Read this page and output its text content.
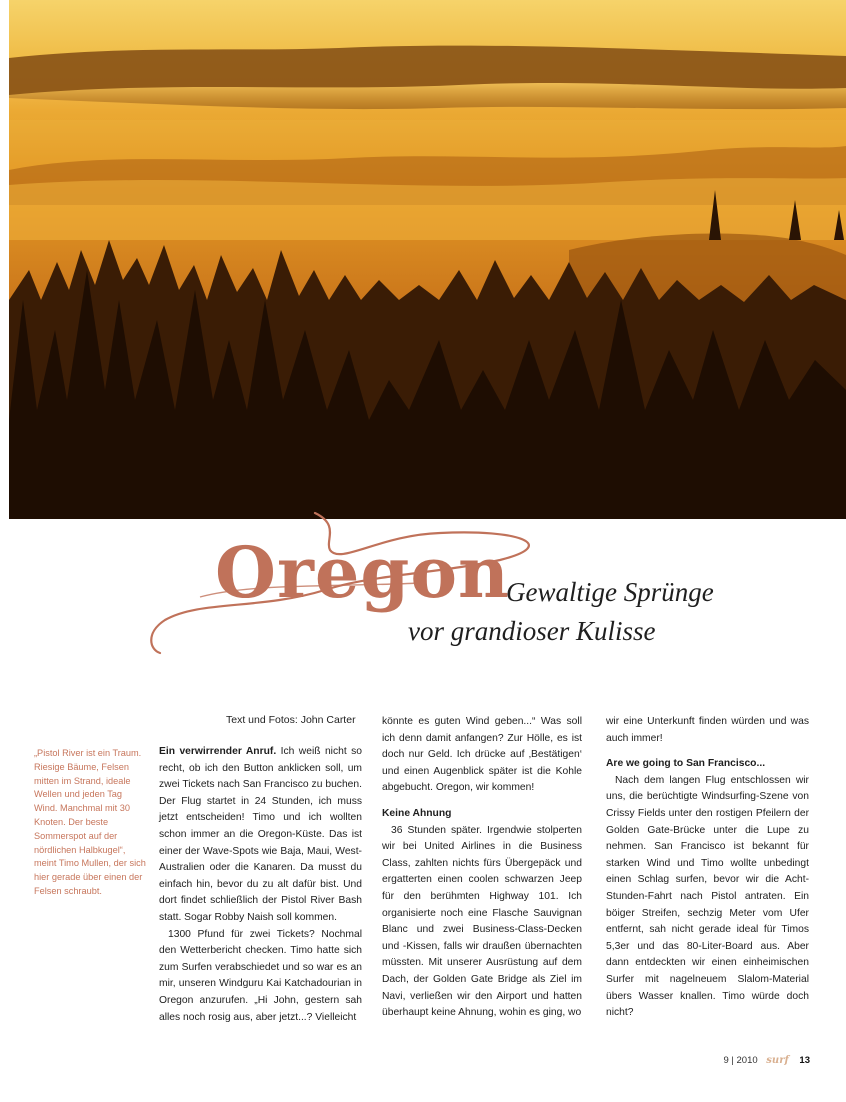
Oregon
Gewaltige Sprünge
vor grandioser Kulisse
Text und Fotos: John Carter
„Pistol River ist ein Traum. Riesige Bäume, Felsen mitten im Strand, ideale Wellen und jeden Tag Wind. Manchmal mit 30 Knoten. Der beste Sommerspot auf der nördlichen Halbkugel“, meint Timo Mullen, der sich hier gerade über einen der Felsen schraubt.

Ein verwirrender Anruf. Ich weiß nicht so recht, ob ich den Button anklicken soll, um zwei Tickets nach San Francisco zu buchen. Der Flug startet in 24 Stunden, ich muss jetzt entscheiden! Timo und ich wollten schon immer an die Oregon-Küste. Das ist einer der Wave-Spots wie Baja, Maui, West-Australien oder die Kanaren. Da musst du einfach hin, bevor du zu alt dafür bist. Und dort findet schließlich der Pistol River Bash statt. Sogar Robby Naish soll kommen.

1300 Pfund für zwei Tickets? Nochmal den Wetterbericht checken. Timo hatte sich zum Surfen verabschiedet und so war es an mir, unseren Windguru Kai Katchadourian in Oregon anzurufen. „Hi John, gestern sah alles noch rosig aus, aber jetzt...? Vielleicht

könnte es guten Wind geben...“ Was soll ich denn damit anfangen? Zur Hölle, es ist doch nur Geld. Ich drücke auf ‚Bestätigen‘ und einen Augenblick später ist die Kohle abgebucht. Oregon, wir kommen!

Keine Ahnung

36 Stunden später. Irgendwie stolperten wir bei United Airlines in die Business Class, zahlten nichts fürs Übergepäck und ergatterten einen coolen schwarzen Jeep für den berühmten Highway 101. Ich organisierte noch eine Flasche Sauvignan Blanc und zwei Business-Class-Decken und -Kissen, falls wir draußen übernachten müssten. Mit unserer Ausrüstung auf dem Dach, der Golden Gate Bridge als Ziel im Navi, verließen wir den Airport und hatten überhaupt keine Ahnung, wohin es ging, wo

wir eine Unterkunft finden würden und was auch immer!

Are we going to San Francisco...

Nach dem langen Flug entschlossen wir uns, die berüchtigte Windsurfing-Szene von Crissy Fields unter den rostigen Pfeilern der Golden Gate-Brücke unter die Lupe zu nehmen. San Francisco ist bekannt für starken Wind und Timo wollte unbedingt einen Schlag surfen, bevor wir die Acht-Stunden-Fahrt nach Pistol antraten. Ein böiger Streifen, sechzig Meter vom Ufer entfernt, sah nicht gerade ideal für Timos 5,3er und das 80-Liter-Board aus. Aber dann entdeckten wir einen einheimischen Surfer mit nagelneuem Slalom-Material übers Wasser knallen. Timo würde doch nicht?

9 | 2010 surf 13
